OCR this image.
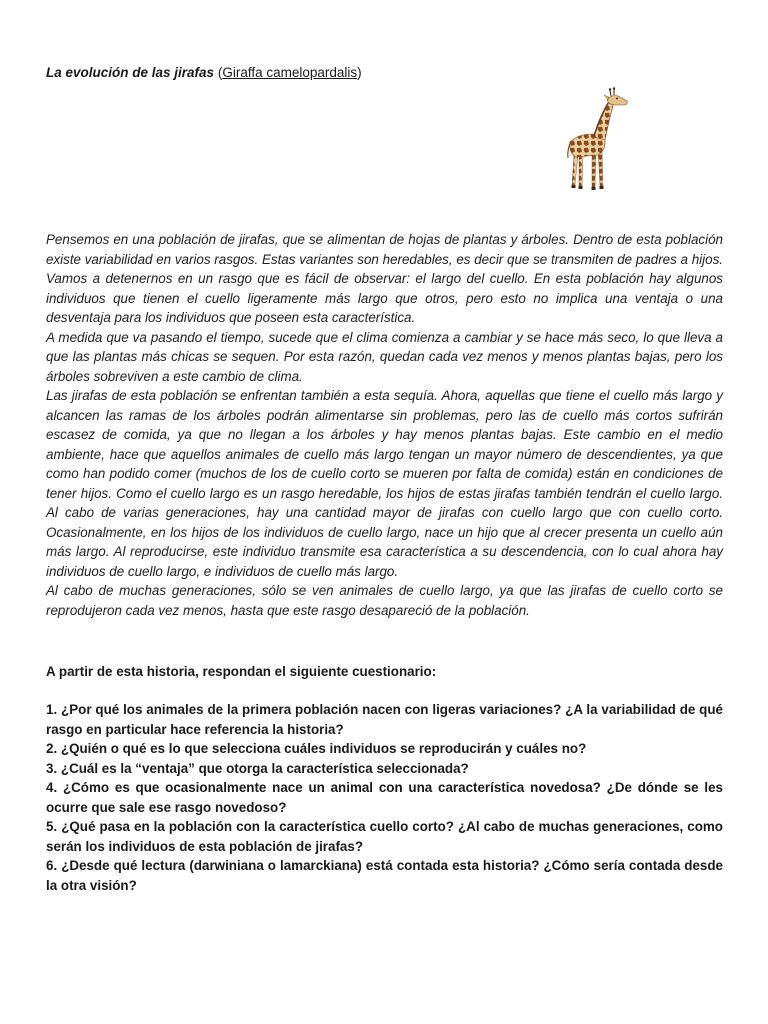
La evolución de las jirafas (Giraffa camelopardalis)

Pensemos en una población de jirafas, que se alimentan de hojas de plantas y árboles. Dentro de esta población existe variabilidad en varios rasgos. Estas variantes son heredables, es decir que se transmiten de padres a hijos. Vamos a detenernos en un rasgo que es fácil de observar: el largo del cuello. En esta población hay algunos individuos que tienen el cuello ligeramente más largo que otros, pero esto no implica una ventaja o una desventaja para los individuos que poseen esta característica.

A medida que va pasando el tiempo, sucede que el clima comienza a cambiar y se hace más seco, lo que lleva a que las plantas más chicas se sequen. Por esta razón, quedan cada vez menos y menos plantas bajas, pero los árboles sobreviven a este cambio de clima.

Las jirafas de esta población se enfrentan también a esta sequía. Ahora, aquellas que tiene el cuello más largo y alcancen las ramas de los árboles podrán alimentarse sin problemas, pero las de cuello más cortos sufrirán escasez de comida, ya que no llegan a los árboles y hay menos plantas bajas. Este cambio en el medio ambiente, hace que aquellos animales de cuello más largo tengan un mayor número de descendientes, ya que como han podido comer (muchos de los de cuello corto se mueren por falta de comida) están en condiciones de tener hijos. Como el cuello largo es un rasgo heredable, los hijos de estas jirafas también tendrán el cuello largo. Al cabo de varias generaciones, hay una cantidad mayor de jirafas con cuello largo que con cuello corto. Ocasionalmente, en los hijos de los individuos de cuello largo, nace un hijo que al crecer presenta un cuello aún más largo. Al reproducirse, este individuo transmite esa característica a su descendencia, con lo cual ahora hay individuos de cuello largo, e individuos de cuello más largo.

Al cabo de muchas generaciones, sólo se ven animales de cuello largo, ya que las jirafas de cuello corto se reprodujeron cada vez menos, hasta que este rasgo desapareció de la población.

A partir de esta historia, respondan el siguiente cuestionario:

1. ¿Por qué los animales de la primera población nacen con ligeras variaciones? ¿A la variabilidad de qué rasgo en particular hace referencia la historia?

2. ¿Quién o qué es lo que selecciona cuáles individuos se reproducirán y cuáles no?

3. ¿Cuál es la “ventaja” que otorga la característica seleccionada?

4. ¿Cómo es que ocasionalmente nace un animal con una característica novedosa? ¿De dónde se les ocurre que sale ese rasgo novedoso?

5. ¿Qué pasa en la población con la característica cuello corto? ¿Al cabo de muchas generaciones, como serán los individuos de esta población de jirafas?

6. ¿Desde qué lectura (darwiniana o lamarckiana) está contada esta historia? ¿Cómo sería contada desde la otra visión?
